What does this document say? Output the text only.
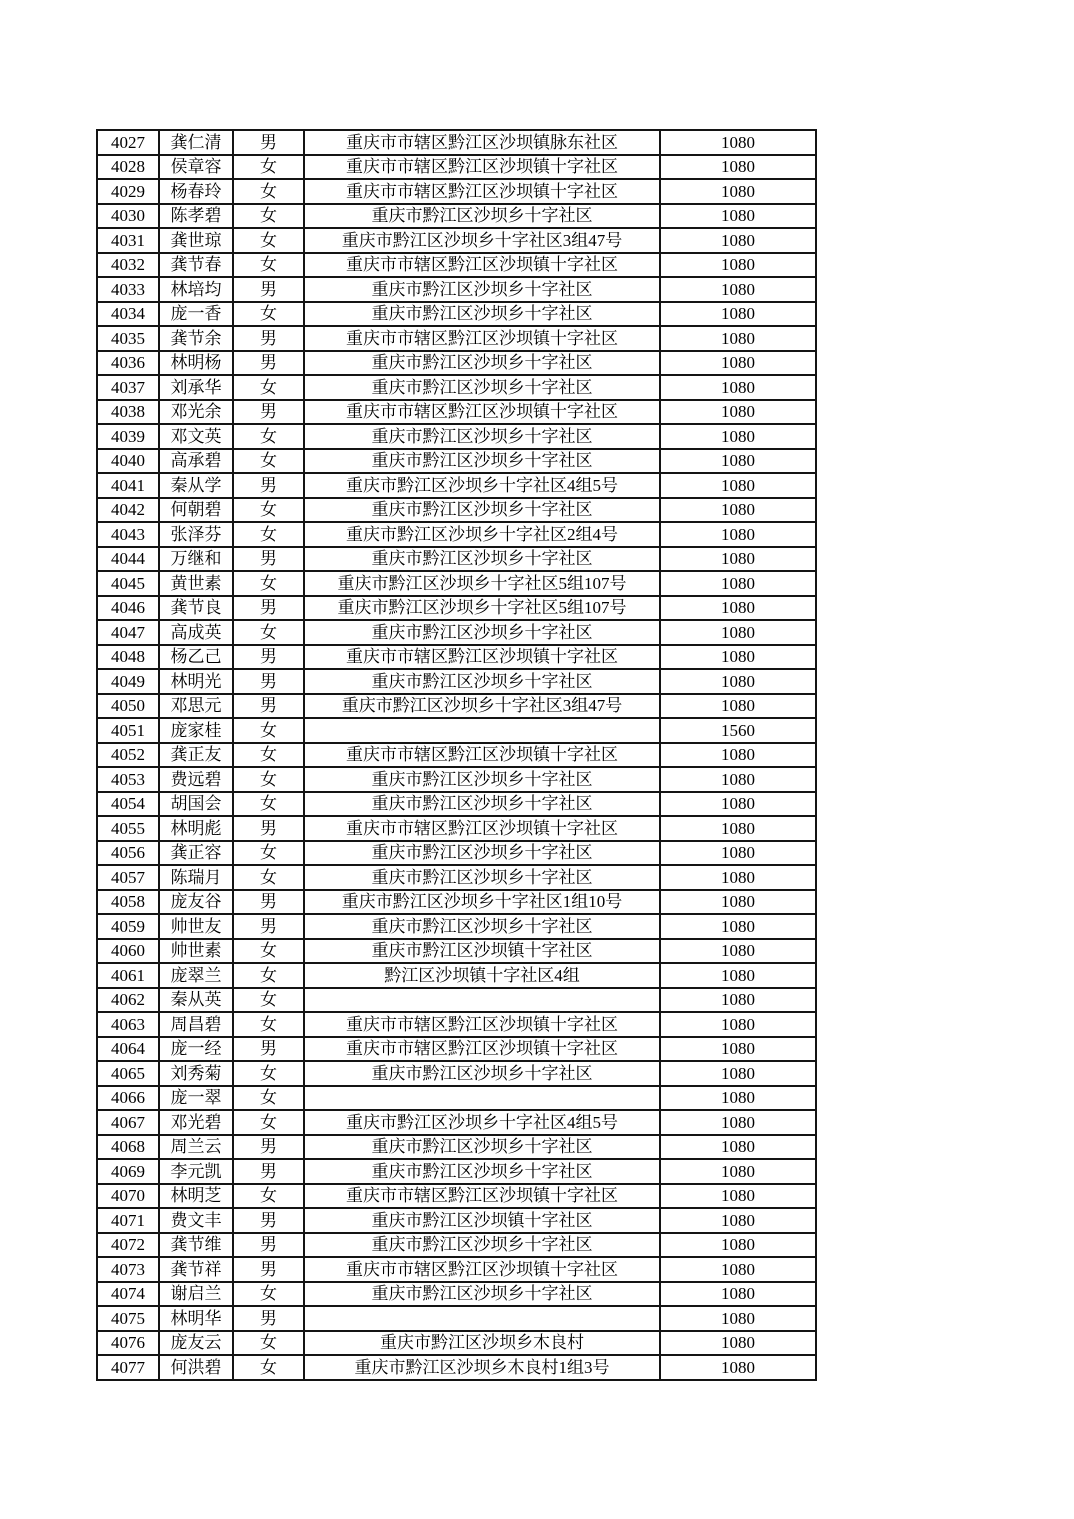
4027	龚仁清	男	重庆市市辖区黔江区沙坝镇脉东社区	1080
4028	侯章容	女	重庆市市辖区黔江区沙坝镇十字社区	1080
4029	杨春玲	女	重庆市市辖区黔江区沙坝镇十字社区	1080
4030	陈孝碧	女	重庆市黔江区沙坝乡十字社区	1080
4031	龚世琼	女	重庆市黔江区沙坝乡十字社区3组47号	1080
4032	龚节春	女	重庆市市辖区黔江区沙坝镇十字社区	1080
4033	林培均	男	重庆市黔江区沙坝乡十字社区	1080
4034	庞一香	女	重庆市黔江区沙坝乡十字社区	1080
4035	龚节余	男	重庆市市辖区黔江区沙坝镇十字社区	1080
4036	林明杨	男	重庆市黔江区沙坝乡十字社区	1080
4037	刘承华	女	重庆市黔江区沙坝乡十字社区	1080
4038	邓光余	男	重庆市市辖区黔江区沙坝镇十字社区	1080
4039	邓文英	女	重庆市黔江区沙坝乡十字社区	1080
4040	高承碧	女	重庆市黔江区沙坝乡十字社区	1080
4041	秦从学	男	重庆市黔江区沙坝乡十字社区4组5号	1080
4042	何朝碧	女	重庆市黔江区沙坝乡十字社区	1080
4043	张泽芬	女	重庆市黔江区沙坝乡十字社区2组4号	1080
4044	万继和	男	重庆市黔江区沙坝乡十字社区	1080
4045	黄世素	女	重庆市黔江区沙坝乡十字社区5组107号	1080
4046	龚节良	男	重庆市黔江区沙坝乡十字社区5组107号	1080
4047	高成英	女	重庆市黔江区沙坝乡十字社区	1080
4048	杨乙己	男	重庆市市辖区黔江区沙坝镇十字社区	1080
4049	林明光	男	重庆市黔江区沙坝乡十字社区	1080
4050	邓思元	男	重庆市黔江区沙坝乡十字社区3组47号	1080
4051	庞家桂	女		1560
4052	龚正友	女	重庆市市辖区黔江区沙坝镇十字社区	1080
4053	费远碧	女	重庆市黔江区沙坝乡十字社区	1080
4054	胡国会	女	重庆市黔江区沙坝乡十字社区	1080
4055	林明彪	男	重庆市市辖区黔江区沙坝镇十字社区	1080
4056	龚正容	女	重庆市黔江区沙坝乡十字社区	1080
4057	陈瑞月	女	重庆市黔江区沙坝乡十字社区	1080
4058	庞友谷	男	重庆市黔江区沙坝乡十字社区1组10号	1080
4059	帅世友	男	重庆市黔江区沙坝乡十字社区	1080
4060	帅世素	女	重庆市黔江区沙坝镇十字社区	1080
4061	庞翠兰	女	黔江区沙坝镇十字社区4组	1080
4062	秦从英	女		1080
4063	周昌碧	女	重庆市市辖区黔江区沙坝镇十字社区	1080
4064	庞一经	男	重庆市市辖区黔江区沙坝镇十字社区	1080
4065	刘秀菊	女	重庆市黔江区沙坝乡十字社区	1080
4066	庞一翠	女		1080
4067	邓光碧	女	重庆市黔江区沙坝乡十字社区4组5号	1080
4068	周兰云	男	重庆市黔江区沙坝乡十字社区	1080
4069	李元凯	男	重庆市黔江区沙坝乡十字社区	1080
4070	林明芝	女	重庆市市辖区黔江区沙坝镇十字社区	1080
4071	费文丰	男	重庆市黔江区沙坝镇十字社区	1080
4072	龚节维	男	重庆市黔江区沙坝乡十字社区	1080
4073	龚节祥	男	重庆市市辖区黔江区沙坝镇十字社区	1080
4074	谢启兰	女	重庆市黔江区沙坝乡十字社区	1080
4075	林明华	男		1080
4076	庞友云	女	重庆市黔江区沙坝乡木良村	1080
4077	何洪碧	女	重庆市黔江区沙坝乡木良村1组3号	1080
